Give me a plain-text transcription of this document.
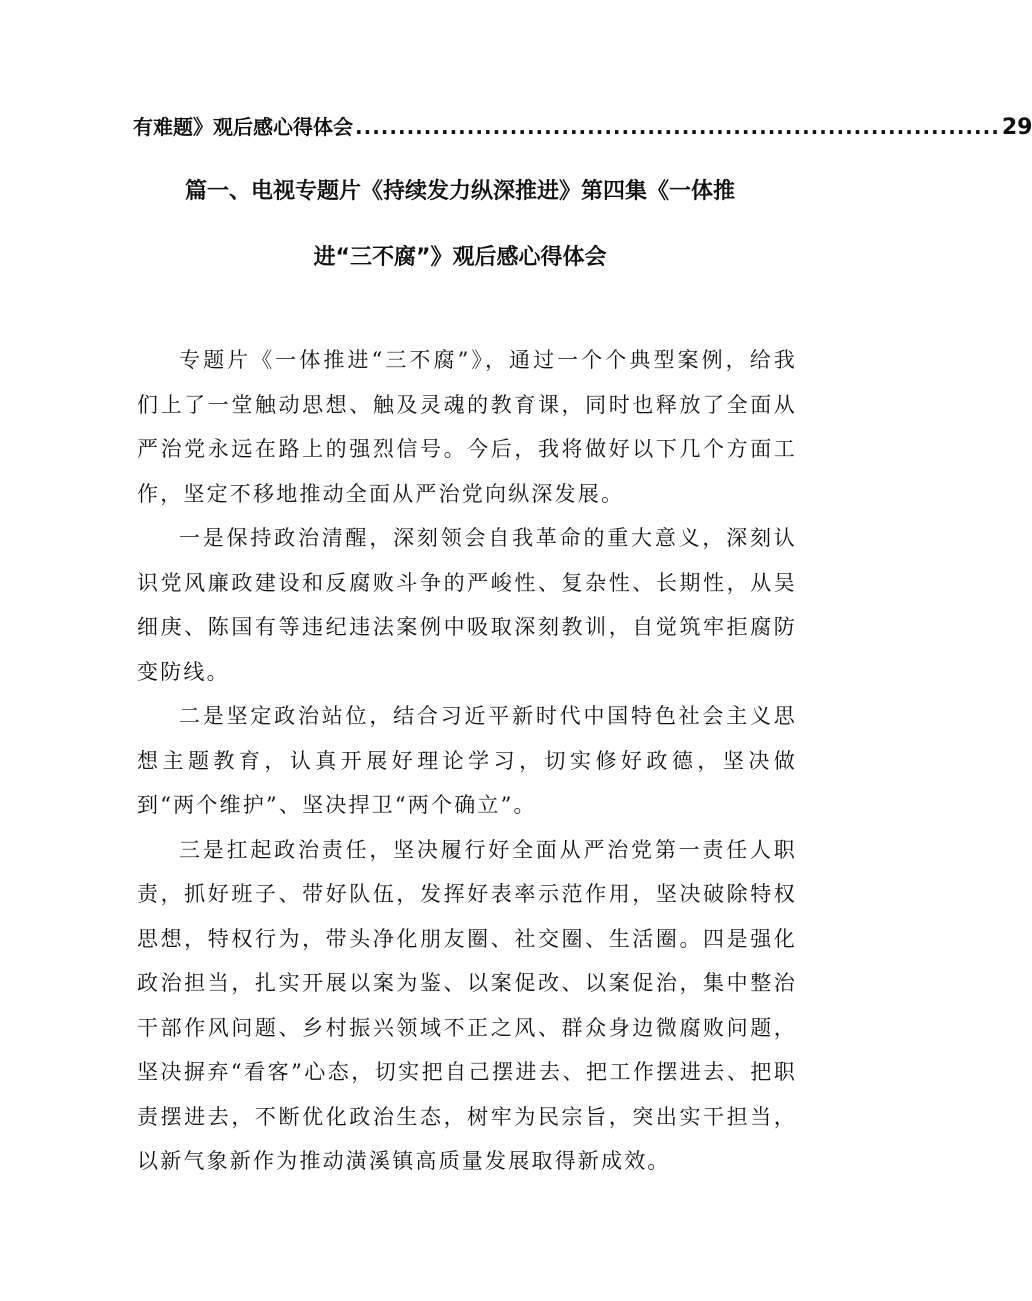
有难题》观后感心得体会 ........................................................................... 29
篇一、电视专题片《持续发力纵深推进》第四集《一体推
进“三不腐”》观后感心得体会

专题片《一体推进“三不腐”》，通过一个个典型案例，给我们上了一堂触动思想、触及灵魂的教育课，同时也释放了全面从严治党永远在路上的强烈信号。今后，我将做好以下几个方面工作，坚定不移地推动全面从严治党向纵深发展。

一是保持政治清醒，深刻领会自我革命的重大意义，深刻认识党风廉政建设和反腐败斗争的严峻性、复杂性、长期性，从吴细庚、陈国有等违纪违法案例中吸取深刻教训，自觉筑牢拒腐防变防线。

二是坚定政治站位，结合习近平新时代中国特色社会主义思想主题教育，认真开展好理论学习，切实修好政德，坚决做到“两个维护”、坚决捍卫“两个确立”。

三是扛起政治责任，坚决履行好全面从严治党第一责任人职责，抓好班子、带好队伍，发挥好表率示范作用，坚决破除特权思想，特权行为，带头净化朋友圈、社交圈、生活圈。四是强化政治担当，扎实开展以案为鉴、以案促改、以案促治，集中整治干部作风问题、乡村振兴领域不正之风、群众身边微腐败问题，坚决摒弃“看客”心态，切实把自己摆进去、把工作摆进去、把职责摆进去，不断优化政治生态，树牢为民宗旨，突出实干担当，以新气象新作为推动潢溪镇高质量发展取得新成效。
